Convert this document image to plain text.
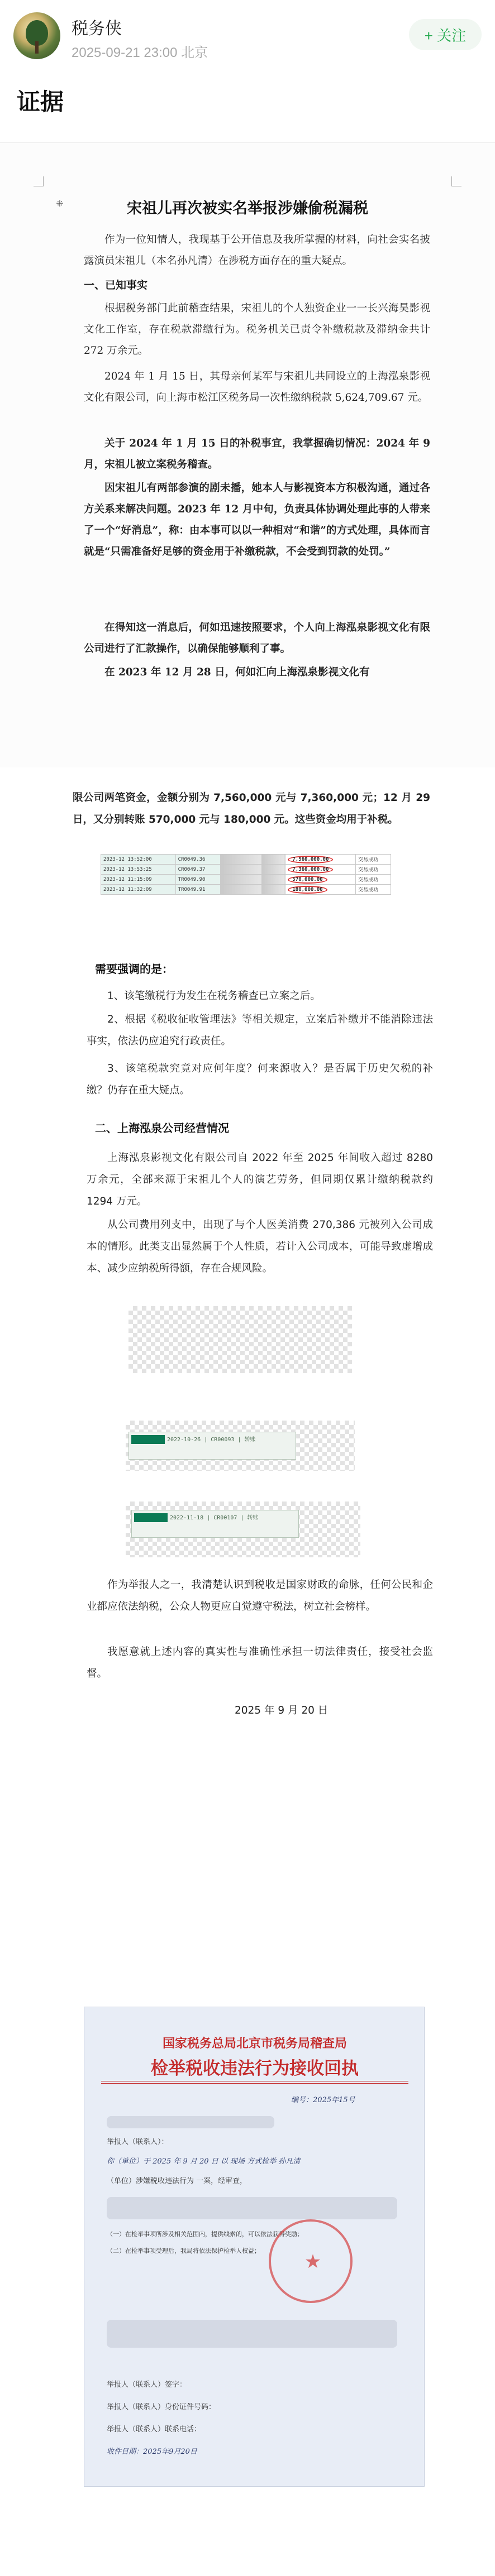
税务侠
2025-09-21 23:00 北京
+ 关注
证据
⁜	宋祖儿再次被实名举报涉嫌偷税漏税
作为一位知情人，我现基于公开信息及我所掌握的材料，向社会实名披露演员宋祖儿（本名孙凡清）在涉税方面存在的重大疑点。
一、已知事实
根据税务部门此前稽查结果，宋祖儿的个人独资企业一一长兴海昊影视文化工作室，存在税款滞缴行为。税务机关已责令补缴税款及滞纳金共计 272 万余元。
2024 年 1 月 15 日，其母亲何某军与宋祖儿共同设立的上海泓泉影视文化有限公司，向上海市松江区税务局一次性缴纳税款 5,624,709.67 元。
关于 2024 年 1 月 15 日的补税事宜，我掌握确切情况：2024 年 9 月，宋祖儿被立案税务稽查。
因宋祖儿有两部参演的剧未播，她本人与影视资本方积极沟通，通过各方关系来解决问题。2023 年 12 月中旬，负责具体协调处理此事的人带来了一个“好消息”，称：由本事可以以一种相对“和谐”的方式处理，具体而言就是“只需准备好足够的资金用于补缴税款，不会受到罚款的处罚。”
在得知这一消息后，何如迅速按照要求，个人向上海泓泉影视文化有限公司进行了汇款操作，以确保能够顺利了事。
在 2023 年 12 月 28 日，何如汇向上海泓泉影视文化有
限公司两笔资金，金额分别为 7,560,000 元与 7,360,000 元；12 月 29 日，又分别转账 570,000 元与 180,000 元。这些资金均用于补税。
2023-12 13:52:00	CR0049.36			7,560,000.00	交易成功
2023-12 13:53:25	CR0049.37			7,360,000.00	交易成功
2023-12 11:15:09	TR0049.90			570,000.00	交易成功
2023-12 11:32:09	TR0049.91			180,000.00	交易成功
需要强调的是：
1、该笔缴税行为发生在税务稽查已立案之后。
2、根据《税收征收管理法》等相关规定，立案后补缴并不能消除违法事实，依法仍应追究行政责任。
3、该笔税款究竟对应何年度？何来源收入？是否属于历史欠税的补缴？仍存在重大疑点。
二、上海泓泉公司经营情况
上海泓泉影视文化有限公司自 2022 年至 2025 年间收入超过 8280 万余元，全部来源于宋祖儿个人的演艺劳务，但同期仅累计缴纳税款约 1294 万元。
从公司费用列支中，出现了与个人医美消费 270,386 元被列入公司成本的情形。此类支出显然属于个人性质，若计入公司成本，可能导致虚增成本、减少应纳税所得额，存在合规风险。
2022-10-26 | CR00093 | 转账
2022-11-18 | CR00107 | 转账
作为举报人之一，我清楚认识到税收是国家财政的命脉，任何公民和企业都应依法纳税，公众人物更应自觉遵守税法，树立社会榜样。
我愿意就上述内容的真实性与准确性承担一切法律责任，接受社会监督。
2025 年 9 月 20 日
国家税务总局北京市税务局稽查局
检举税收违法行为接收回执
编号：2025年15号
举报人（联系人）：
你（单位）于 2025 年 9 月 20 日 以 现场 方式检举 孙凡清
（单位）涉嫌税收违法行为 一案，经审查，
（一）在检举事项所涉及相关范围内，提供线索的，可以依法获得奖励；
（二）在检举事项受理后，我局将依法保护检举人权益；	★
举报人（联系人）签字：
举报人（联系人）身份证件号码：
举报人（联系人）联系电话：
收件日期：2025年9月20日
